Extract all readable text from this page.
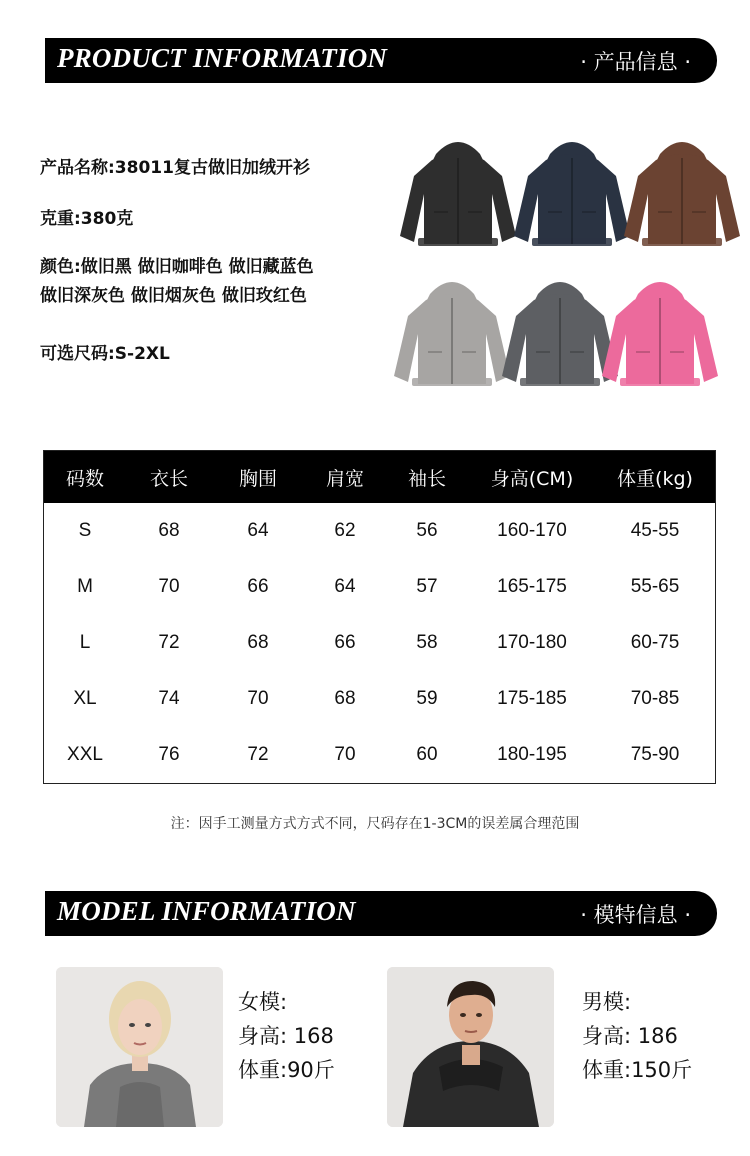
PRODUCT INFORMATION	· 产品信息 ·
产品名称:38011复古做旧加绒开衫
克重:380克
颜色:做旧黑 做旧咖啡色 做旧藏蓝色
做旧深灰色 做旧烟灰色 做旧玫红色
可选尺码:S-2XL
码数	衣长	胸围	肩宽	袖长	身高(CM)	体重(kg)
S	68	64	62	56	160-170	45-55
M	70	66	64	57	165-175	55-65
L	72	68	66	58	170-180	60-75
XL	74	70	68	59	175-185	70-85
XXL	76	72	70	60	180-195	75-90
注：因手工测量方式方式不同，尺码存在1-3CM的误差属合理范围
MODEL INFORMATION	· 模特信息 ·
女模:
身高: 168
体重:90斤
男模:
身高: 186
体重:150斤
